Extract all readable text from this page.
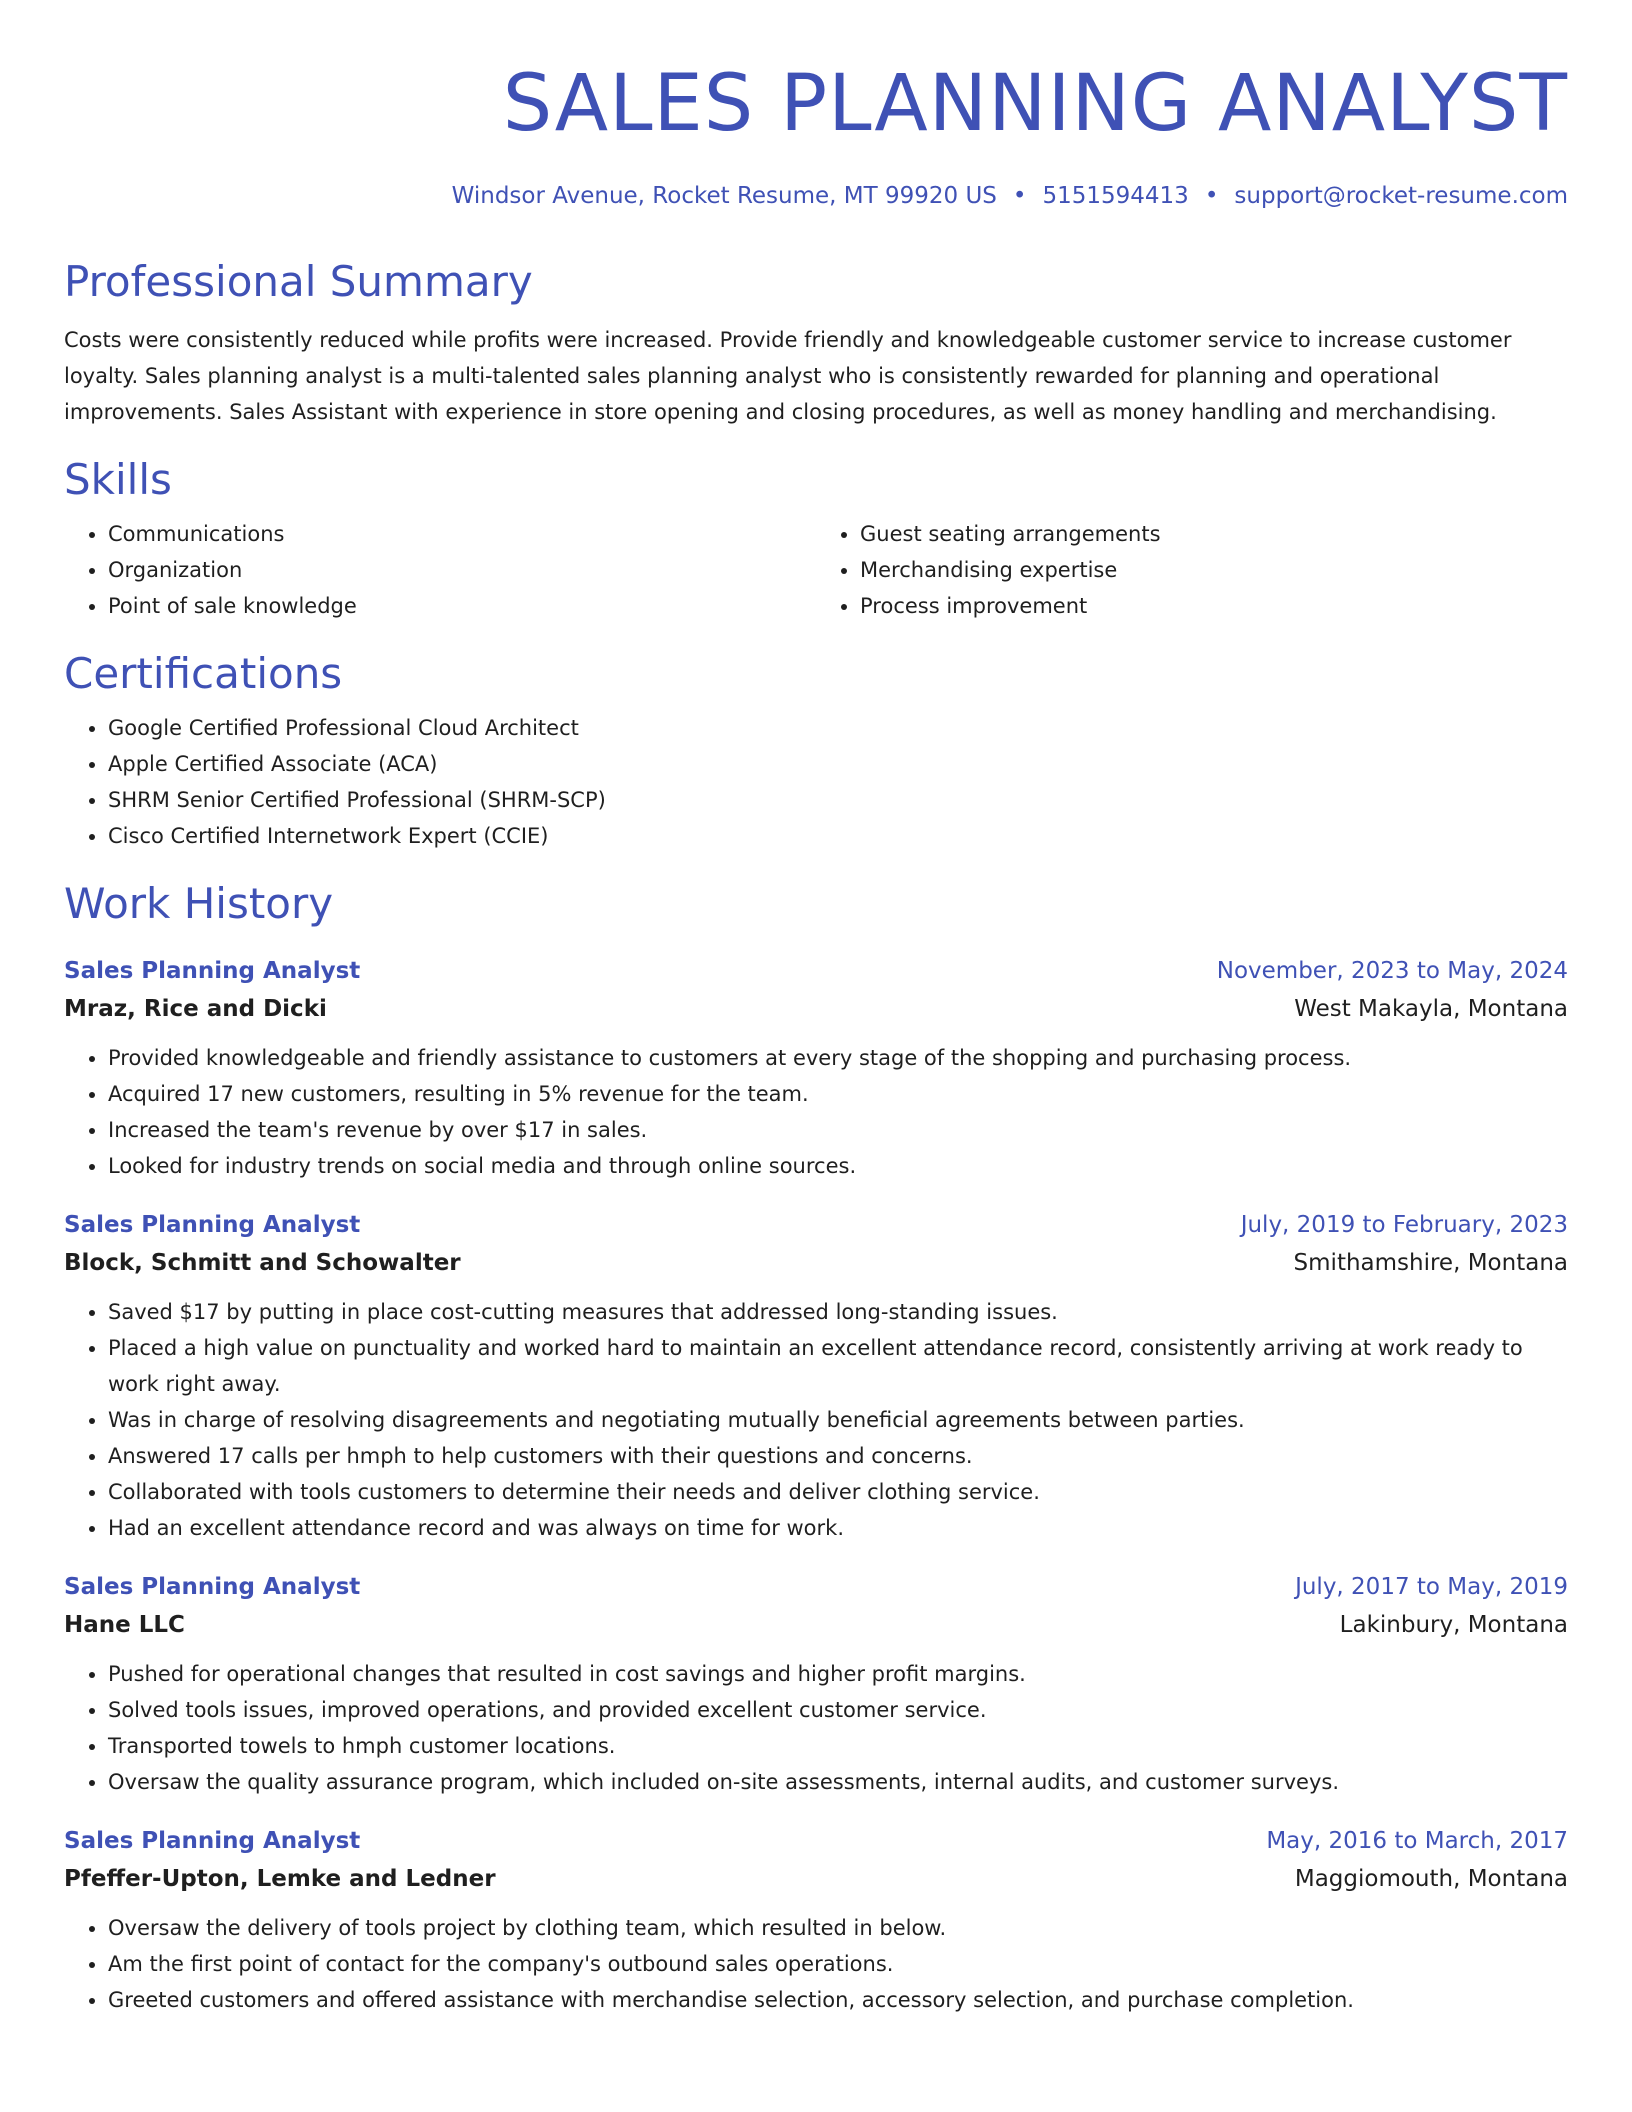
SALES PLANNING ANALYST
Windsor Avenue, Rocket Resume, MT 99920 US • 5151594413 • support@rocket-resume.com
Professional Summary
Costs were consistently reduced while profits were increased. Provide friendly and knowledgeable customer service to increase customer loyalty. Sales planning analyst is a multi-talented sales planning analyst who is consistently rewarded for planning and operational improvements. Sales Assistant with experience in store opening and closing procedures, as well as money handling and merchandising.
Skills
• Communications
• Organization
• Point of sale knowledge
• Guest seating arrangements
• Merchandising expertise
• Process improvement
Certifications
• Google Certified Professional Cloud Architect
• Apple Certified Associate (ACA)
• SHRM Senior Certified Professional (SHRM-SCP)
• Cisco Certified Internetwork Expert (CCIE)
Work History
Sales Planning Analyst	November, 2023 to May, 2024
Mraz, Rice and Dicki	West Makayla, Montana
• Provided knowledgeable and friendly assistance to customers at every stage of the shopping and purchasing process.
• Acquired 17 new customers, resulting in 5% revenue for the team.
• Increased the team's revenue by over $17 in sales.
• Looked for industry trends on social media and through online sources.
Sales Planning Analyst	July, 2019 to February, 2023
Block, Schmitt and Schowalter	Smithamshire, Montana
• Saved $17 by putting in place cost-cutting measures that addressed long-standing issues.
• Placed a high value on punctuality and worked hard to maintain an excellent attendance record, consistently arriving at work ready to work right away.
• Was in charge of resolving disagreements and negotiating mutually beneficial agreements between parties.
• Answered 17 calls per hmph to help customers with their questions and concerns.
• Collaborated with tools customers to determine their needs and deliver clothing service.
• Had an excellent attendance record and was always on time for work.
Sales Planning Analyst	July, 2017 to May, 2019
Hane LLC	Lakinbury, Montana
• Pushed for operational changes that resulted in cost savings and higher profit margins.
• Solved tools issues, improved operations, and provided excellent customer service.
• Transported towels to hmph customer locations.
• Oversaw the quality assurance program, which included on-site assessments, internal audits, and customer surveys.
Sales Planning Analyst	May, 2016 to March, 2017
Pfeffer-Upton, Lemke and Ledner	Maggiomouth, Montana
• Oversaw the delivery of tools project by clothing team, which resulted in below.
• Am the first point of contact for the company's outbound sales operations.
• Greeted customers and offered assistance with merchandise selection, accessory selection, and purchase completion.
